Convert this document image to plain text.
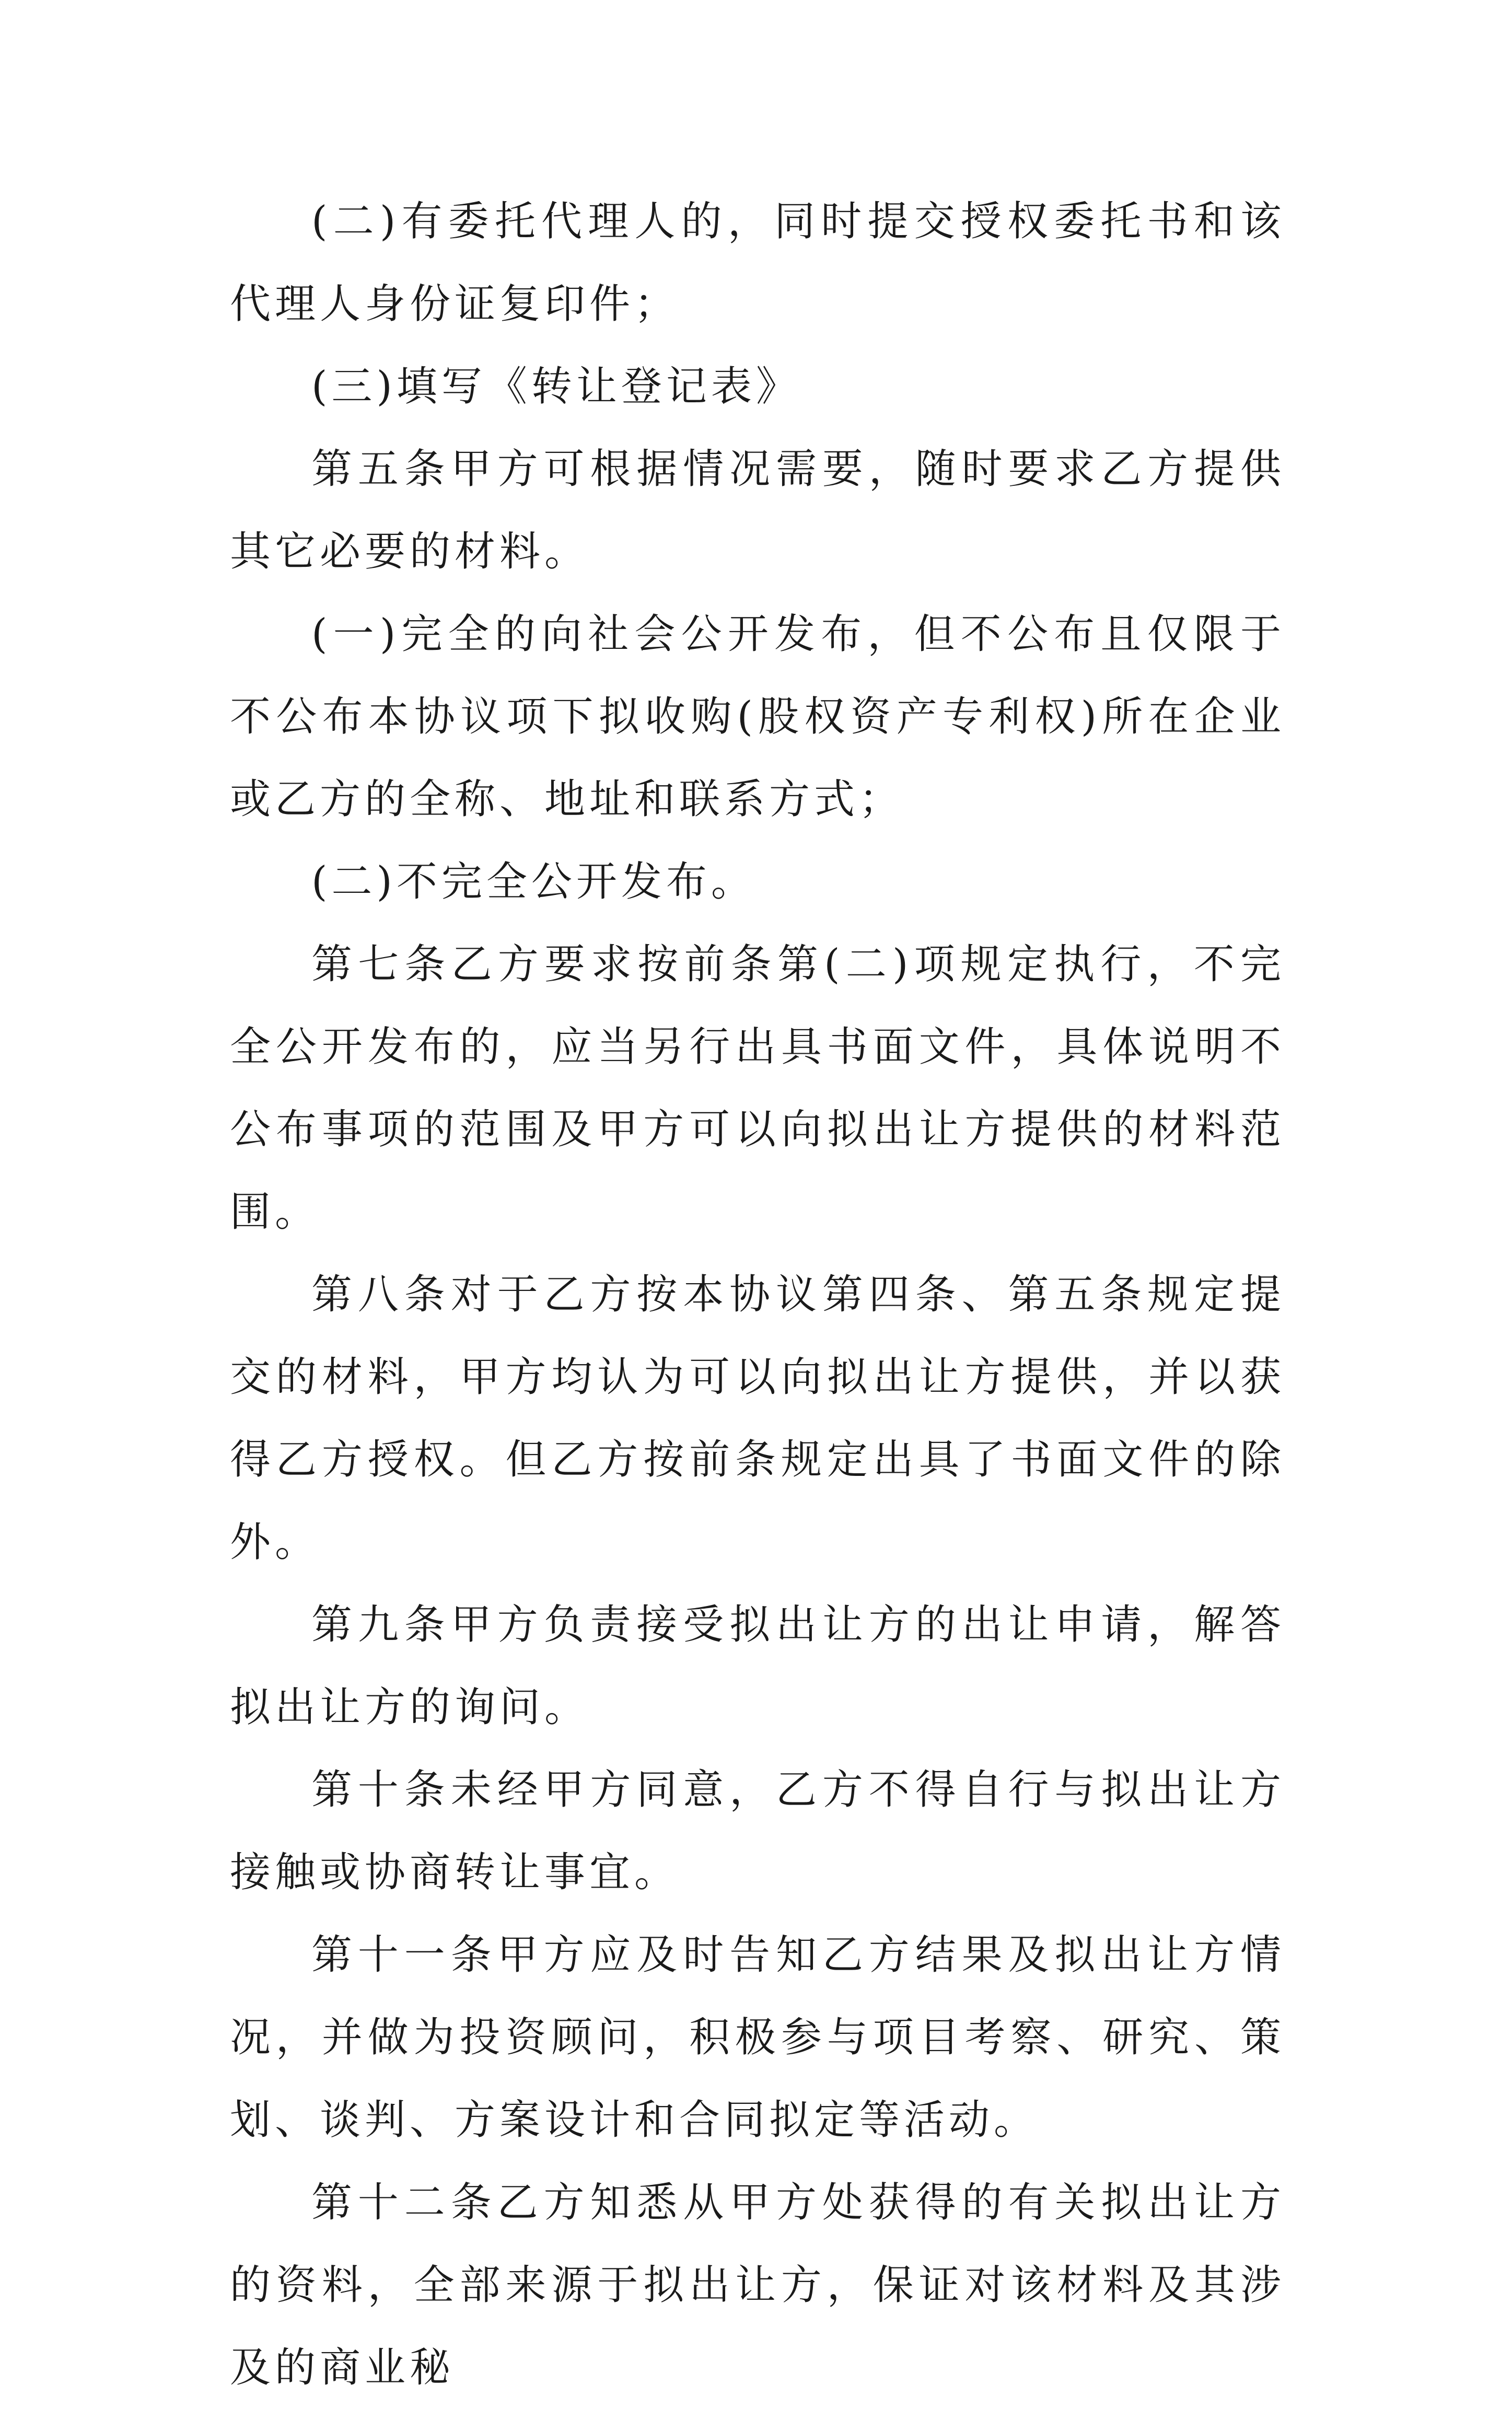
(二)有委托代理人的，同时提交授权委托书和该代理人身份证复印件；

(三)填写《转让登记表》

第五条甲方可根据情况需要，随时要求乙方提供其它必要的材料。

(一)完全的向社会公开发布，但不公布且仅限于不公布本协议项下拟收购(股权资产专利权)所在企业或乙方的全称、地址和联系方式；

(二)不完全公开发布。

第七条乙方要求按前条第(二)项规定执行，不完全公开发布的，应当另行出具书面文件，具体说明不公布事项的范围及甲方可以向拟出让方提供的材料范围。

第八条对于乙方按本协议第四条、第五条规定提交的材料，甲方均认为可以向拟出让方提供，并以获得乙方授权。但乙方按前条规定出具了书面文件的除外。

第九条甲方负责接受拟出让方的出让申请，解答拟出让方的询问。

第十条未经甲方同意，乙方不得自行与拟出让方接触或协商转让事宜。

第十一条甲方应及时告知乙方结果及拟出让方情况，并做为投资顾问，积极参与项目考察、研究、策划、谈判、方案设计和合同拟定等活动。

第十二条乙方知悉从甲方处获得的有关拟出让方的资料，全部来源于拟出让方，保证对该材料及其涉及的商业秘
